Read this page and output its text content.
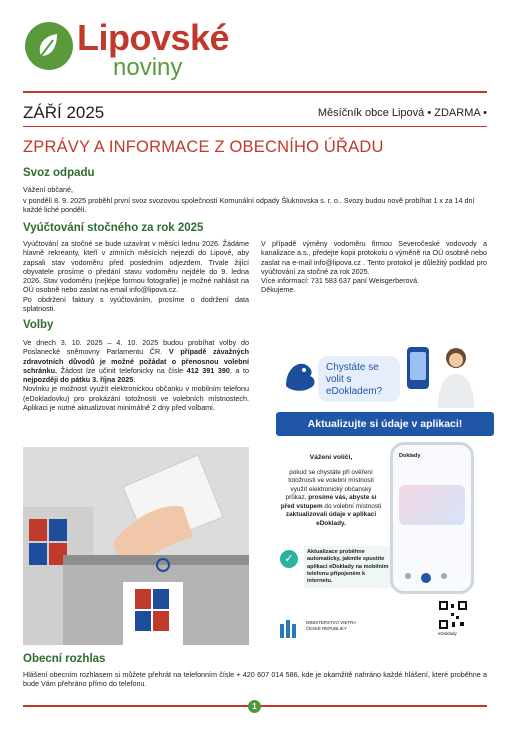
Lipovské
noviny
ZÁŘÍ 2025	Měsíčník obce Lipová • ZDARMA •
ZPRÁVY A INFORMACE Z OBECNÍHO ÚŘADU
Svoz odpadu
Vážení občané,
v pondělí 8. 9. 2025 proběhl první svoz svozovou společností Komunální odpady Šluknovska s. r. o.. Svozy budou nově probíhat 1 x za 14 dní každé liché pondělí.
Vyúčtování stočného za rok 2025
Vyúčtování za stočné se bude uzavírat v měsíci lednu 2026. Žádáme hlavně rekreanty, kteří v zimních měsících nejezdí do Lipové, aby zapsali stav vodoměru před posledním odjezdem. Trvale žijící obyvatele prosíme o předání stavu vodoměru nejdéle do 9. ledna 2026. Stav vodoměru (nejlépe formou fotografie) je možné nahlásit na OÚ osobně nebo zaslat na email info@lipova.cz.
Po obdržení faktury s vyúčtováním, prosíme o dodržení data splatnosti.
V případě výměny vodoměru firmou Severočeské vodovody a kanalizace a.s., předejte kopii protokolu o výměně na OÚ osobně nebo zaslat na e-mail info@lipova.cz . Tento protokol je důležitý podklad pro vyúčtování za stočné za rok 2025.
Více informací: 731 583 637 paní Weisgerberová.
Děkujeme.
Volby
Ve dnech 3. 10. 2025 – 4. 10. 2025 budou probíhat volby do Poslanecké sněmovny Parlamentu ČR. V případě závažných zdravotních důvodů je možné požádat o přenosnou volební schránku. Žádost lze učinit telefonicky na čísle 412 391 390, a to nejpozději do pátku 3. října 2025.
Novinku je možnost využít elektronickou občanku v mobilním telefonu (eDokladovku) pro prokázání totožnosti ve volebních místnostech. Aplikaci je nutné aktualizovat minimálně 2 dny před volbami.
Chystáte se volit s eDokladem?
Aktualizujte si údaje v aplikaci!
Vážení voliči,
pokud se chystáte při ověření totožnosti ve volební místnosti využít elektronický občanský průkaz, prosíme vás, abyste si před vstupem do volební místnosti zaktualizovali údaje v aplikaci eDoklady.
✓
Aktualizace proběhne automaticky, jakmile spustíte aplikaci eDoklady na mobilním telefonu připojeném k internetu.
Doklady
MINISTERSTVO VNITRA ČESKÉ REPUBLIKY
eDoklady
Obecní rozhlas
Hlášení obecním rozhlasem si můžete přehrát na telefonním čísle + 420 607 014 586, kde je okamžitě nahráno každé hlášení, které proběhne a bude Vám přehráno přímo do telefonu.
1
